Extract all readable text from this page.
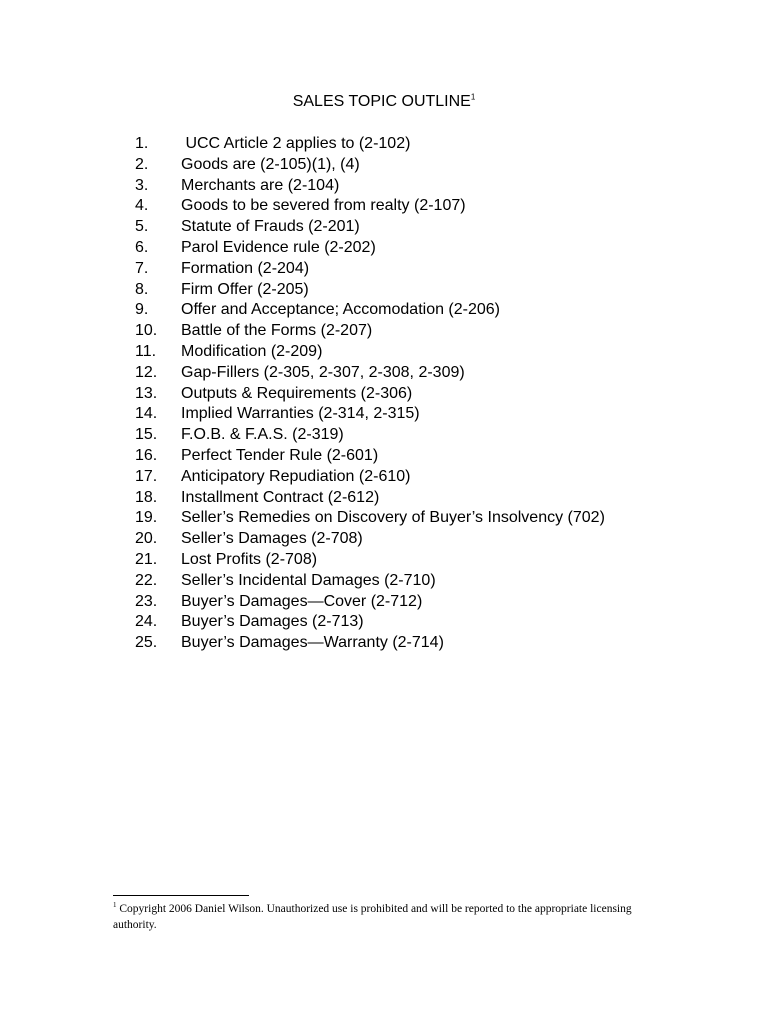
SALES TOPIC OUTLINE$^1$
1.	UCC Article 2 applies to (2-102)
2.	Goods are (2-105)(1), (4)
3.	Merchants are (2-104)
4.	Goods to be severed from realty (2-107)
5.	Statute of Frauds (2-201)
6.	Parol Evidence rule (2-202)
7.	Formation (2-204)
8.	Firm Offer (2-205)
9.	Offer and Acceptance; Accomodation (2-206)
10.	Battle of the Forms (2-207)
11.	Modification (2-209)
12.	Gap-Fillers (2-305, 2-307, 2-308, 2-309)
13.	Outputs & Requirements (2-306)
14.	Implied Warranties (2-314, 2-315)
15.	F.O.B. & F.A.S. (2-319)
16.	Perfect Tender Rule (2-601)
17.	Anticipatory Repudiation (2-610)
18.	Installment Contract (2-612)
19.	Seller’s Remedies on Discovery of Buyer’s Insolvency (702)
20.	Seller’s Damages (2-708)
21.	Lost Profits (2-708)
22.	Seller’s Incidental Damages (2-710)
23.	Buyer’s Damages—Cover (2-712)
24.	Buyer’s Damages (2-713)
25.	Buyer’s Damages—Warranty (2-714)
$^1$ Copyright 2006 Daniel Wilson. Unauthorized use is prohibited and will be reported to the appropriate licensing authority.
